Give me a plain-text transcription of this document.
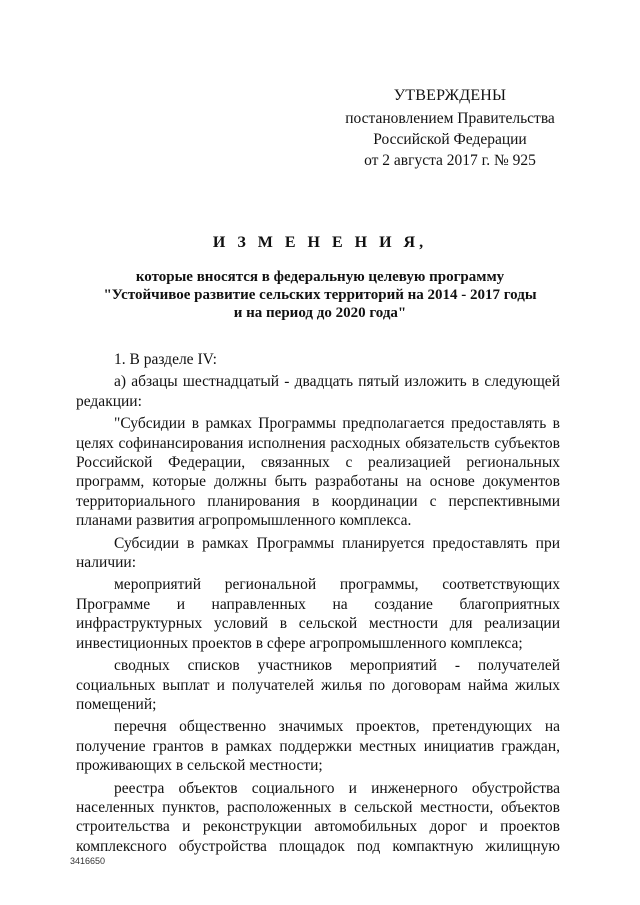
УТВЕРЖДЕНЫ
постановлением Правительства
Российской Федерации
от 2 августа 2017 г. № 925
И З М Е Н Е Н И Я,
которые вносятся в федеральную целевую программу
"Устойчивое развитие сельских территорий на 2014 - 2017 годы
и на период до 2020 года"

1. В разделе IV:

а) абзацы шестнадцатый - двадцать пятый изложить в следующей редакции:

"Субсидии в рамках Программы предполагается предоставлять в целях софинансирования исполнения расходных обязательств субъектов Российской Федерации, связанных с реализацией региональных программ, которые должны быть разработаны на основе документов территориального планирования в координации с перспективными планами развития агропромышленного комплекса.

Субсидии в рамках Программы планируется предоставлять при наличии:

мероприятий региональной программы, соответствующих Программе и направленных на создание благоприятных инфраструктурных условий в сельской местности для реализации инвестиционных проектов в сфере агропромышленного комплекса;

сводных списков участников мероприятий - получателей социальных выплат и получателей жилья по договорам найма жилых помещений;

перечня общественно значимых проектов, претендующих на получение грантов в рамках поддержки местных инициатив граждан, проживающих в сельской местности;

реестра объектов социального и инженерного обустройства населенных пунктов, расположенных в сельской местности, объектов строительства и реконструкции автомобильных дорог и проектов комплексного обустройства площадок под компактную жилищную

3416650
